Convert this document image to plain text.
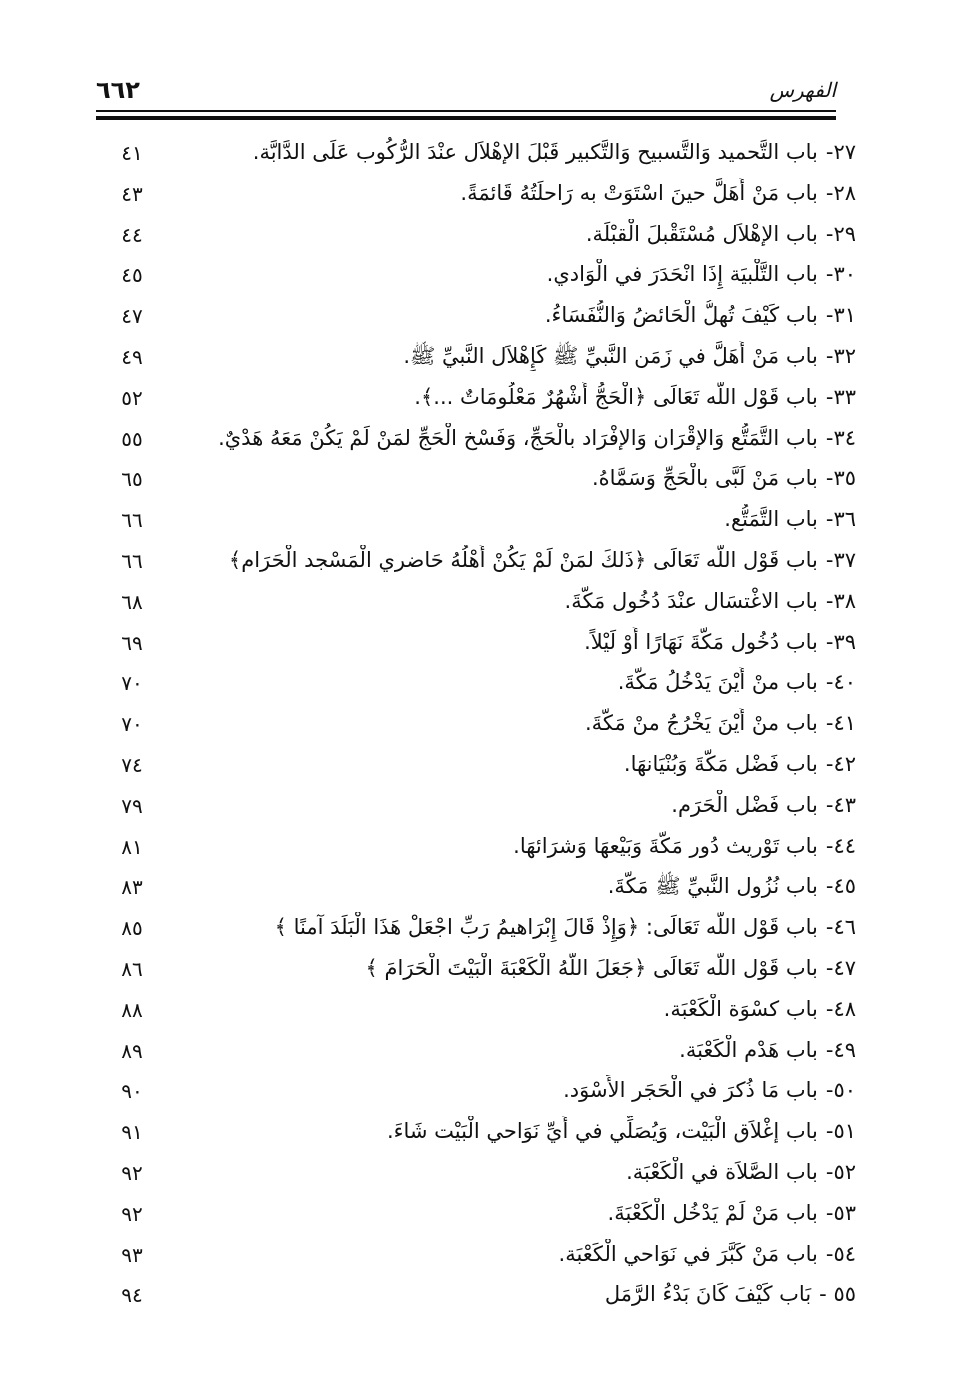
الفهرس
٦٦٢
٢٧-باب التَّحميد وَالتَّسبيح وَالتَّكبير قَبْلَ الإهْلاَل عنْدَ الرُّكُوب عَلَى الدَّابَّة.
٤١
٢٨-باب مَنْ أَهَلَّ حينَ اسْتَوَتْ به رَاحلَتُهُ قَائمَةً.
٤٣
٢٩-باب الإهْلاَل مُسْتَقْبلَ الْقبْلَة.
٤٤
٣٠-باب التَّلْبيَة إِذَا انْحَدَرَ في الْوَادي.
٤٥
٣١-باب كَيْفَ تُهلُّ الْحَائضُ وَالنُّفَسَاءُ.
٤٧
٣٢-باب مَنْ أَهَلَّ في زَمَن النَّبيِّ ﷺ كَإِهْلاَل النَّبيِّ ﷺ.
٤٩
٣٣-باب قَوْل اللَّه تَعَالَى ﴿الْحَجُّ أَشْهُرٌ مَعْلُومَاتٌ ...﴾.
٥٢
٣٤-باب التَّمَتُّع وَالإقْرَان وَالإفْرَاد بالْحَجِّ، وَفَسْخ الْحَجِّ لمَنْ لَمْ يَكُنْ مَعَهُ هَدْيٌ.
٥٥
٣٥-باب مَنْ لَبَّى بالْحَجِّ وَسَمَّاهُ.
٦٥
٣٦-باب التَّمَتُّع.
٦٦
٣٧-باب قَوْل اللَّه تَعَالَى ﴿ذَلكَ لمَنْ لَمْ يَكُنْ أَهْلُهُ حَاضري الْمَسْجد الْحَرَام﴾
٦٦
٣٨-باب الاغْتسَال عنْدَ دُخُول مَكَّةَ.
٦٨
٣٩-باب دُخُول مَكَّةَ نَهَارًا أَوْ لَيْلاً.
٦٩
٤٠-باب منْ أَيْنَ يَدْخُلُ مَكَّةَ.
٧٠
٤١-باب منْ أَيْنَ يَخْرُجُ منْ مَكَّةَ.
٧٠
٤٢-باب فَضْل مَكَّةَ وَبُنْيَانهَا.
٧٤
٤٣-باب فَضْل الْحَرَم.
٧٩
٤٤-باب تَوْريث دُور مَكَّةَ وَبَيْعهَا وَشرَائهَا.
٨١
٤٥-باب نُزُول النَّبيِّ ﷺ مَكَّةَ.
٨٣
٤٦-باب قَوْل اللَّه تَعَالَى: ﴿وَإِذْ قَالَ إِبْرَاهيمُ رَبِّ اجْعَلْ هَذَا الْبَلَدَ آمنًا ﴾
٨٥
٤٧-باب قَوْل اللَّه تَعَالَى ﴿جَعَلَ اللَّهُ الْكَعْبَةَ الْبَيْتَ الْحَرَامَ ﴾
٨٦
٤٨-باب كسْوَة الْكَعْبَة.
٨٨
٤٩-باب هَدْم الْكَعْبَة.
٨٩
٥٠-باب مَا ذُكرَ في الْحَجَر الأَسْوَد.
٩٠
٥١-باب إغْلاَق الْبَيْت، وَيُصَلِّي في أَيِّ نَوَاحي الْبَيْت شَاءَ.
٩١
٥٢-باب الصَّلاَة في الْكَعْبَة.
٩٢
٥٣-باب مَنْ لَمْ يَدْخُل الْكَعْبَةَ.
٩٢
٥٤-باب مَنْ كَبَّرَ في نَوَاحي الْكَعْبَة.
٩٣
٥٥ -بَاب كَيْفَ كَانَ بَدْءُ الرَّمَل
٩٤
